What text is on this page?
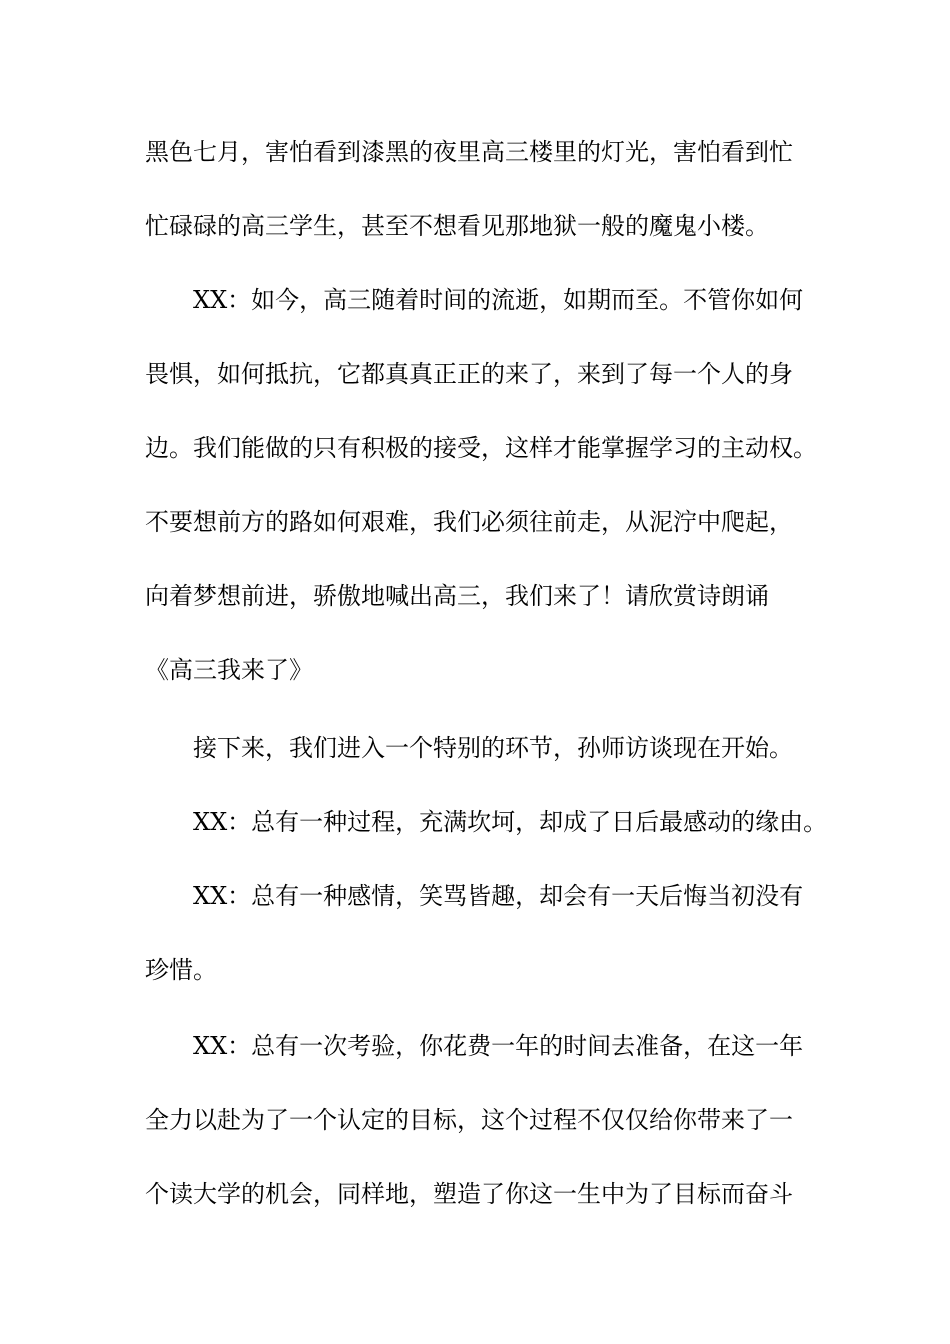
黑色七月，害怕看到漆黑的夜里高三楼里的灯光，害怕看到忙
忙碌碌的高三学生，甚至不想看见那地狱一般的魔鬼小楼。
XX：如今，高三随着时间的流逝，如期而至。不管你如何
畏惧，如何抵抗，它都真真正正的来了，来到了每一个人的身
边。我们能做的只有积极的接受，这样才能掌握学习的主动权。
不要想前方的路如何艰难，我们必须往前走，从泥泞中爬起，
向着梦想前进，骄傲地喊出高三，我们来了！请欣赏诗朗诵
《高三我来了》
接下来，我们进入一个特别的环节，孙师访谈现在开始。
XX：总有一种过程，充满坎坷，却成了日后最感动的缘由。
XX：总有一种感情，笑骂皆趣，却会有一天后悔当初没有
珍惜。
XX：总有一次考验，你花费一年的时间去准备，在这一年
全力以赴为了一个认定的目标，这个过程不仅仅给你带来了一
个读大学的机会，同样地，塑造了你这一生中为了目标而奋斗
